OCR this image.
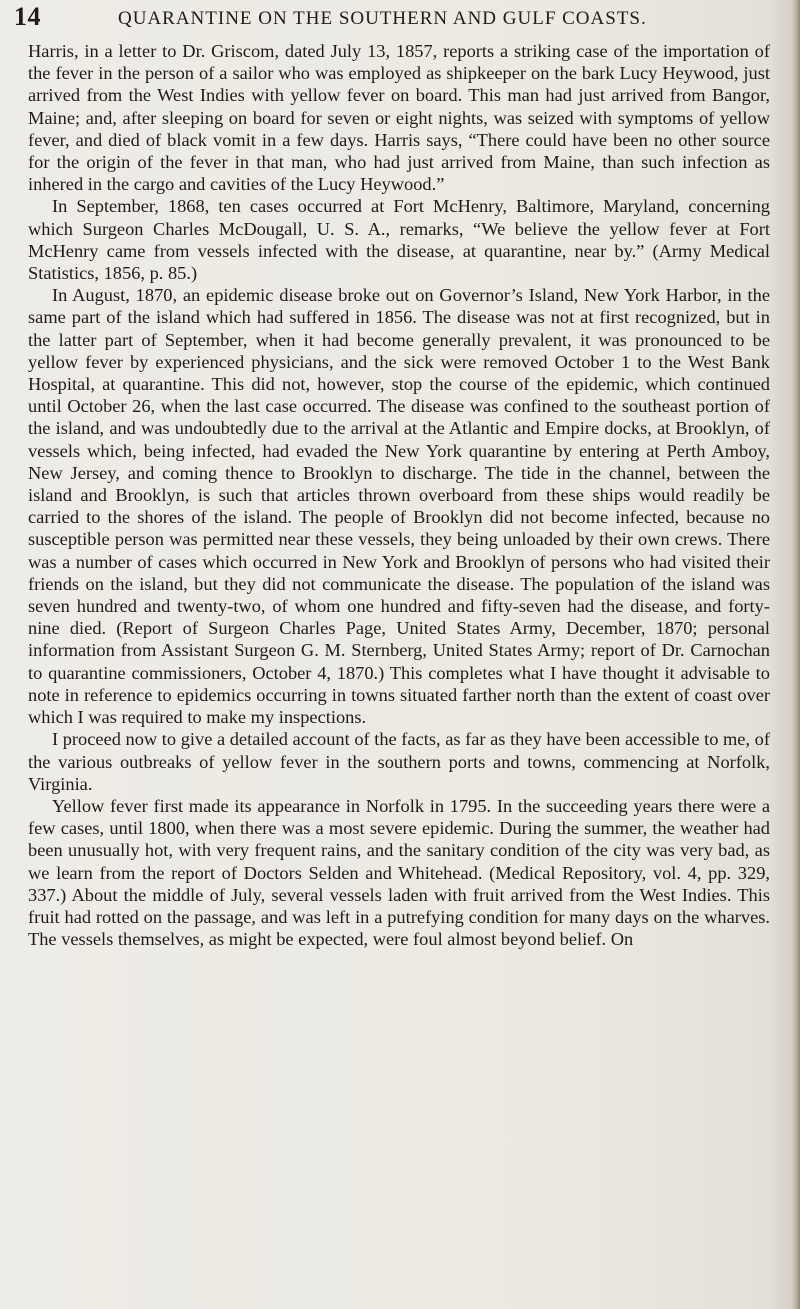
14	QUARANTINE ON THE SOUTHERN AND GULF COASTS.

Harris, in a letter to Dr. Griscom, dated July 13, 1857, reports a striking case of the importation of the fever in the person of a sailor who was employed as shipkeeper on the bark Lucy Heywood, just arrived from the West Indies with yellow fever on board. This man had just arrived from Bangor, Maine; and, after sleeping on board for seven or eight nights, was seized with symptoms of yellow fever, and died of black vomit in a few days. Harris says, “There could have been no other source for the origin of the fever in that man, who had just arrived from Maine, than such infection as inhered in the cargo and cavities of the Lucy Heywood.”

In September, 1868, ten cases occurred at Fort McHenry, Baltimore, Maryland, concerning which Surgeon Charles McDougall, U. S. A., remarks, “We believe the yellow fever at Fort McHenry came from vessels infected with the disease, at quarantine, near by.” (Army Medical Statistics, 1856, p. 85.)

In August, 1870, an epidemic disease broke out on Governor’s Island, New York Harbor, in the same part of the island which had suffered in 1856. The disease was not at first recognized, but in the latter part of September, when it had become generally prevalent, it was pronounced to be yellow fever by experienced physicians, and the sick were removed October 1 to the West Bank Hospital, at quarantine. This did not, however, stop the course of the epidemic, which continued until October 26, when the last case occurred. The disease was confined to the southeast portion of the island, and was undoubtedly due to the arrival at the Atlantic and Empire docks, at Brooklyn, of vessels which, being infected, had evaded the New York quarantine by entering at Perth Amboy, New Jersey, and coming thence to Brooklyn to discharge. The tide in the channel, between the island and Brooklyn, is such that articles thrown overboard from these ships would readily be carried to the shores of the island. The people of Brooklyn did not become infected, because no susceptible person was permitted near these vessels, they being unloaded by their own crews. There was a number of cases which occurred in New York and Brooklyn of persons who had visited their friends on the island, but they did not communicate the disease. The population of the island was seven hundred and twenty-two, of whom one hundred and fifty-seven had the disease, and forty-nine died. (Report of Surgeon Charles Page, United States Army, December, 1870; personal information from Assistant Surgeon G. M. Sternberg, United States Army; report of Dr. Carnochan to quarantine commissioners, October 4, 1870.) This completes what I have thought it advisable to note in reference to epidemics occurring in towns situated farther north than the extent of coast over which I was required to make my inspections.

I proceed now to give a detailed account of the facts, as far as they have been accessible to me, of the various outbreaks of yellow fever in the southern ports and towns, commencing at Norfolk, Virginia.

Yellow fever first made its appearance in Norfolk in 1795. In the succeeding years there were a few cases, until 1800, when there was a most severe epidemic. During the summer, the weather had been unusually hot, with very frequent rains, and the sanitary condition of the city was very bad, as we learn from the report of Doctors Selden and Whitehead. (Medical Repository, vol. 4, pp. 329, 337.) About the middle of July, several vessels laden with fruit arrived from the West Indies. This fruit had rotted on the passage, and was left in a putrefying condition for many days on the wharves. The vessels themselves, as might be expected, were foul almost beyond belief. On
